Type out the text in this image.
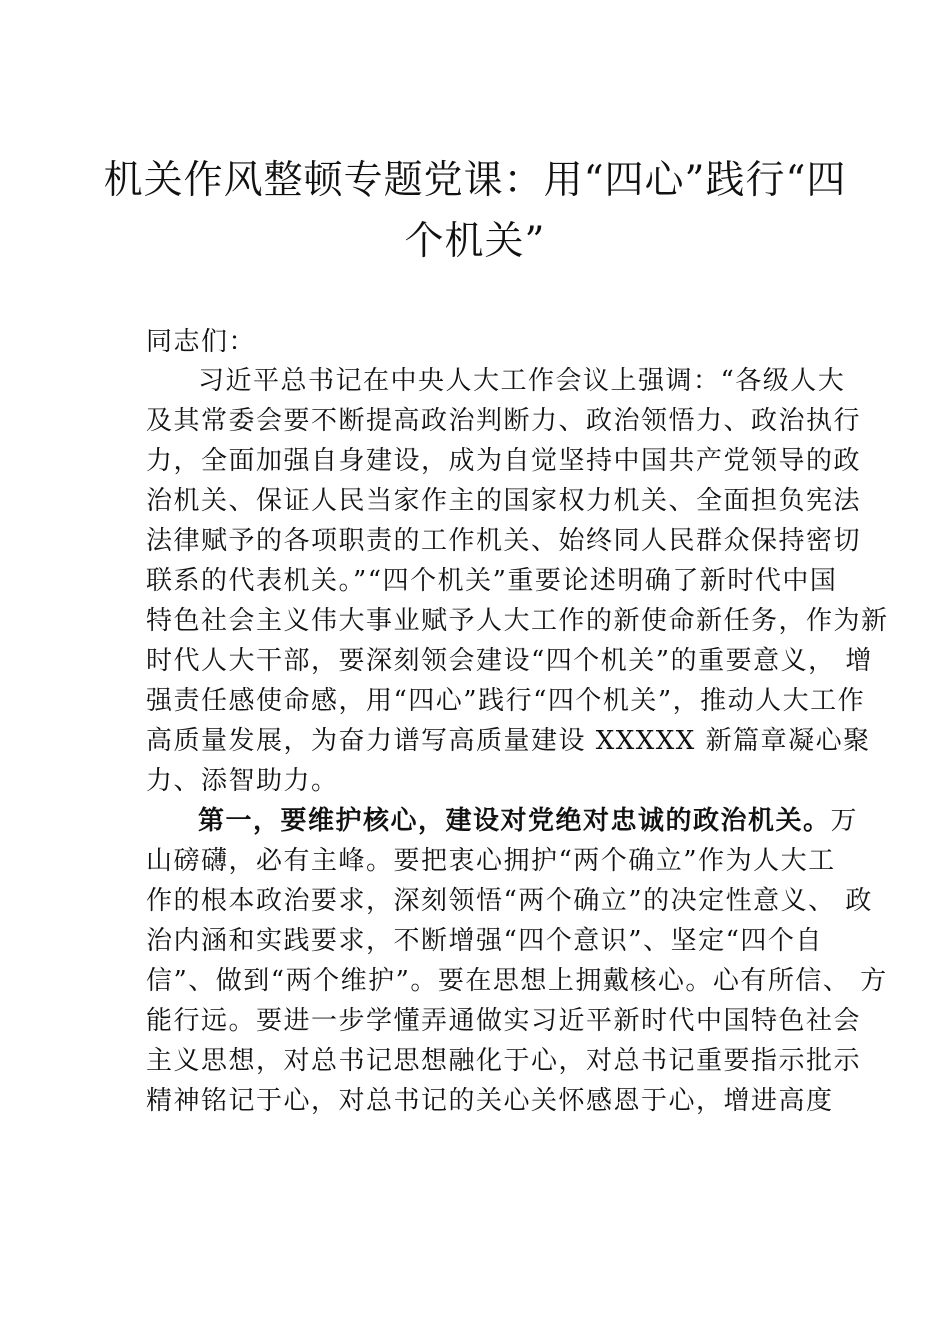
机关作风整顿专题党课：用“四心”践行“四
个机关”
同志们：
习近平总书记在中央人大工作会议上强调：“各级人大
及其常委会要不断提高政治判断力、政治领悟力、政治执行
力，全面加强自身建设，成为自觉坚持中国共产党领导的政
治机关、保证人民当家作主的国家权力机关、全面担负宪法
法律赋予的各项职责的工作机关、始终同人民群众保持密切
联系的代表机关。”“四个机关”重要论述明确了新时代中国
特色社会主义伟大事业赋予人大工作的新使命新任务，作为新
时代人大干部，要深刻领会建设“四个机关”的重要意义， 增
强责任感使命感，用“四心”践行“四个机关”，推动人大工作
高质量发展，为奋力谱写高质量建设 XXXXX 新篇章凝心聚
力、添智助力。
第一，要维护核心，建设对党绝对忠诚的政治机关。万
山磅礴，必有主峰。要把衷心拥护“两个确立”作为人大工
作的根本政治要求，深刻领悟“两个确立”的决定性意义、 政
治内涵和实践要求，不断增强“四个意识”、坚定“四个自
信”、做到“两个维护”。要在思想上拥戴核心。心有所信、 方
能行远。要进一步学懂弄通做实习近平新时代中国特色社会
主义思想，对总书记思想融化于心，对总书记重要指示批示
精神铭记于心，对总书记的关心关怀感恩于心，增进高度
